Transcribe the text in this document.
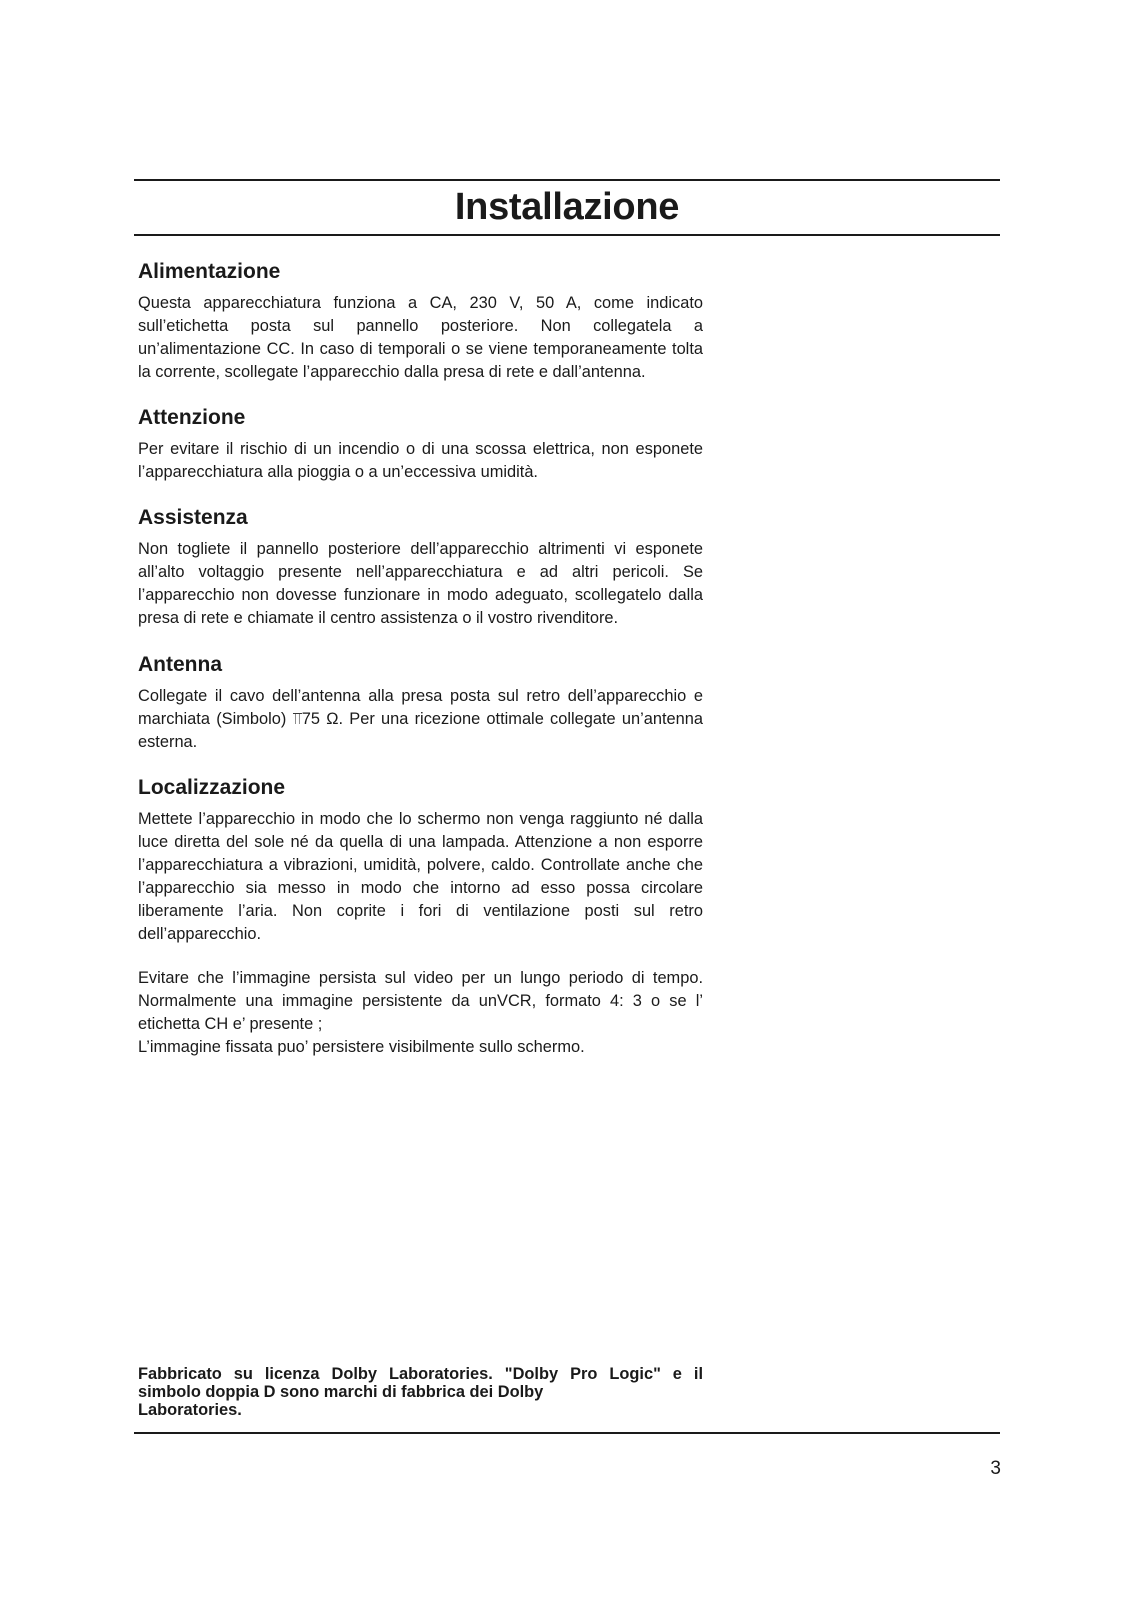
Installazione
Alimentazione

Questa apparecchiatura funziona a CA, 230 V, 50 A, come indicato sull’etichetta posta sul pannello posteriore. Non collegatela a un’alimentazione CC. In caso di temporali o se viene temporaneamente tolta la corrente, scollegate l’apparecchio dalla presa di rete e dall’antenna.

Attenzione

Per evitare il rischio di un incendio o di una scossa elettrica, non esponete l’apparecchiatura alla pioggia o a un’eccessiva umidità.

Assistenza

Non togliete il pannello posteriore dell’apparecchio altrimenti vi esponete all’alto voltaggio presente nell’apparecchiatura e ad altri pericoli. Se l’apparecchio non dovesse funzionare in modo adeguato, scollegatelo dalla presa di rete e chiamate il centro assistenza o il vostro rivenditore.

Antenna

Collegate il cavo dell’antenna alla presa posta sul retro dell’apparecchio e marchiata (Simbolo) ⫪75 Ω. Per una ricezione ottimale collegate un’antenna esterna.

Localizzazione

Mettete l’apparecchio in modo che lo schermo non venga raggiunto né dalla luce diretta del sole né da quella di una lampada. Attenzione a non esporre l’apparecchiatura a vibrazioni, umidità, polvere, caldo. Controllate anche che l’apparecchio sia messo in modo che intorno ad esso possa circolare liberamente l’aria. Non coprite i fori di ventilazione posti sul retro dell’apparecchio.

Evitare che l’immagine persista sul video per un lungo periodo di tempo. Normalmente una immagine persistente da unVCR, formato 4: 3 o se l’ etichetta CH e’ presente ;

L’immagine fissata puo’ persistere visibilmente sullo schermo.

Fabbricato su licenza Dolby Laboratories. "Dolby Pro Logic" e il simbolo doppia D sono marchi di fabbrica dei Dolby
Laboratories.
3
